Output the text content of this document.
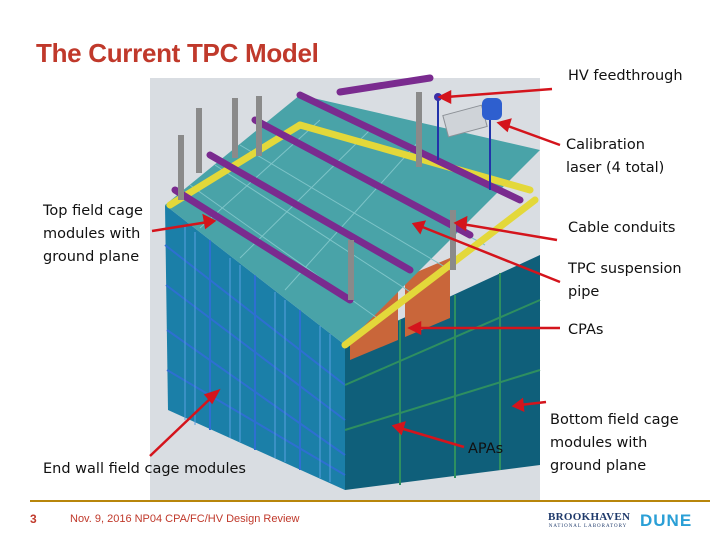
The Current TPC Model
HV feedthrough
Calibration
laser (4 total)
Top field cage
modules with
ground plane
Cable conduits
TPC suspension
pipe
CPAs
Bottom field cage
modules with
ground plane
APAs
End wall field cage modules
3	Nov. 9, 2016 NP04 CPA/FC/HV Design Review	BROOKHAVEN
NATIONAL LABORATORY DUNE
